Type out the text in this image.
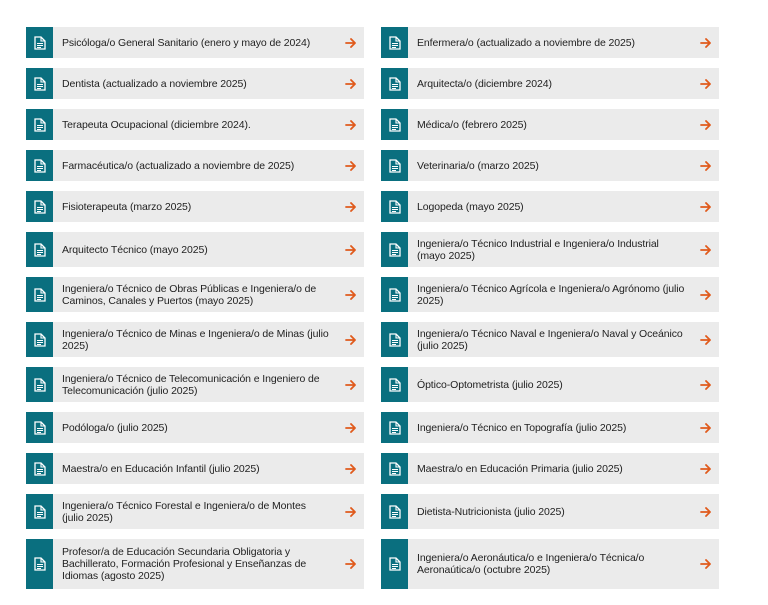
Psicóloga/o General Sanitario (enero y mayo de 2024)
Dentista (actualizado a noviembre 2025)
Terapeuta Ocupacional (diciembre 2024).
Farmacéutica/o (actualizado a noviembre de 2025)
Fisioterapeuta (marzo 2025)
Arquitecto Técnico (mayo 2025)
Ingeniera/o Técnico de Obras Públicas e Ingeniera/o de Caminos, Canales y Puertos (mayo 2025)
Ingeniera/o Técnico de Minas e Ingeniera/o de Minas (julio 2025)
Ingeniera/o Técnico de Telecomunicación e Ingeniero de Telecomunicación (julio 2025)
Podóloga/o (julio 2025)
Maestra/o en Educación Infantil (julio 2025)
Ingeniera/o Técnico Forestal e Ingeniera/o de Montes (julio 2025)
Profesor/a de Educación Secundaria Obligatoria y Bachillerato, Formación Profesional y Enseñanzas de Idiomas (agosto 2025)
Enfermera/o (actualizado a noviembre de 2025)
Arquitecta/o (diciembre 2024)
Médica/o (febrero 2025)
Veterinaria/o (marzo 2025)
Logopeda (mayo 2025)
Ingeniera/o Técnico Industrial e Ingeniera/o Industrial (mayo 2025)
Ingeniera/o Técnico Agrícola e Ingeniera/o Agrónomo (julio 2025)
Ingeniera/o Técnico Naval e Ingeniera/o Naval y Oceánico (julio 2025)
Óptico-Optometrista (julio 2025)
Ingeniera/o Técnico en Topografía (julio 2025)
Maestra/o en Educación Primaria (julio 2025)
Dietista-Nutricionista (julio 2025)
Ingeniera/o Aeronáutica/o e Ingeniera/o Técnica/o Aeronaútica/o (octubre 2025)
